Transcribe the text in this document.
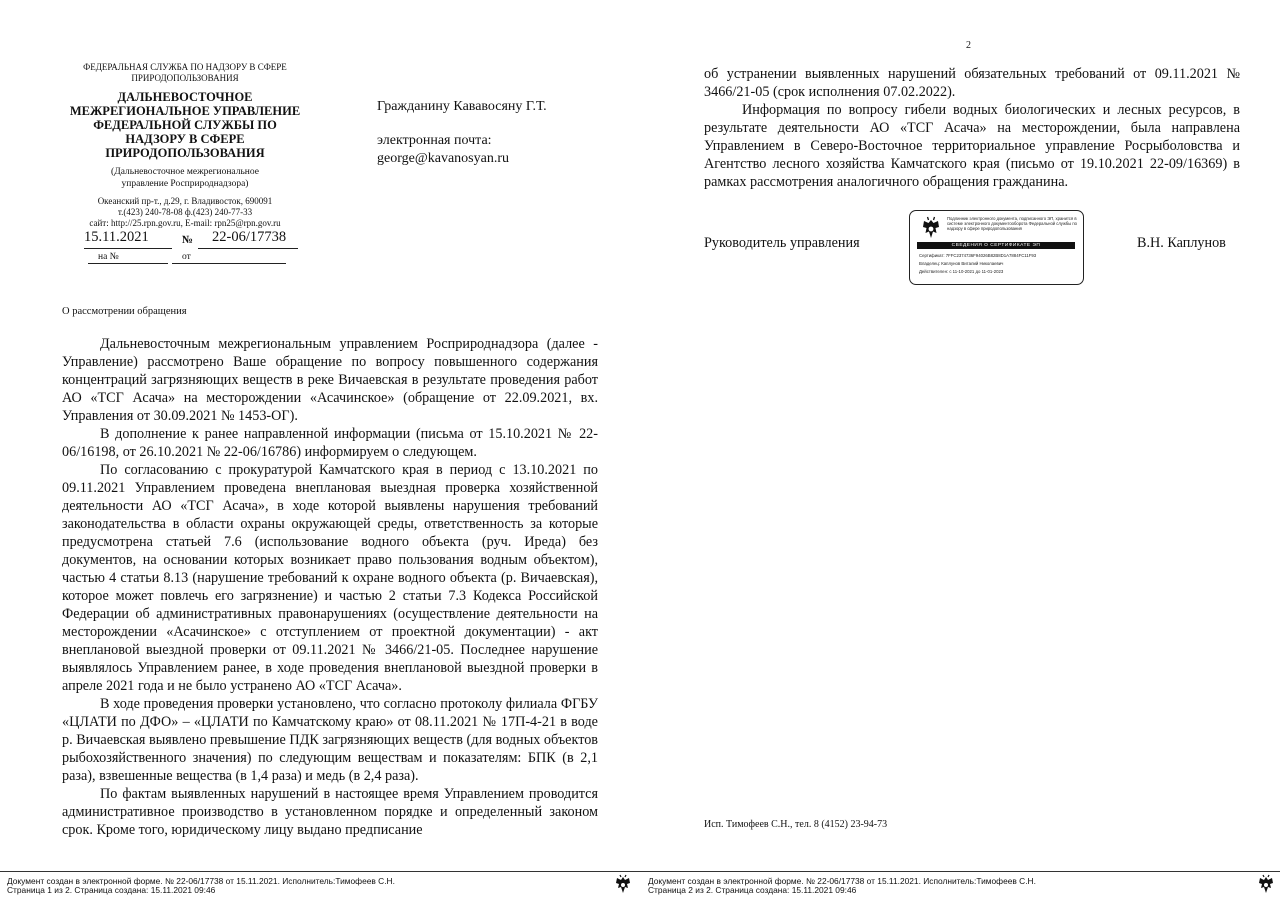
ФЕДЕРАЛЬНАЯ СЛУЖБА ПО НАДЗОРУ В СФЕРЕ
ПРИРОДОПОЛЬЗОВАНИЯ
ДАЛЬНЕВОСТОЧНОЕ
МЕЖРЕГИОНАЛЬНОЕ УПРАВЛЕНИЕ
ФЕДЕРАЛЬНОЙ СЛУЖБЫ ПО
НАДЗОРУ В СФЕРЕ
ПРИРОДОПОЛЬЗОВАНИЯ
(Дальневосточное межрегиональное
управление Росприроднадзора)
Океанский пр-т., д.29, г. Владивосток, 690091
т.(423) 240-78-08 ф.(423) 240-77-33
сайт: http://25.rpn.gov.ru, E-mail: rpn25@rpn.gov.ru
15.11.2021	№ 22-06/17738
на №	от
Гражданину Кававосяну Г.Т.
электронная почта:
george@kavanosyan.ru
О рассмотрении обращения

Дальневосточным межрегиональным управлением Росприроднадзора (далее - Управление) рассмотрено Ваше обращение по вопросу повышенного содержания концентраций загрязняющих веществ в реке Вичаевская в результате проведения работ АО «ТСГ Асача» на месторождении «Асачинское» (обращение от 22.09.2021, вх. Управления от 30.09.2021 № 1453-ОГ).

В дополнение к ранее направленной информации (письма от 15.10.2021 № 22-06/16198, от 26.10.2021 № 22-06/16786) информируем о следующем.

По согласованию с прокуратурой Камчатского края в период с 13.10.2021 по 09.11.2021 Управлением проведена внеплановая выездная проверка хозяйственной деятельности АО «ТСГ Асача», в ходе которой выявлены нарушения требований законодательства в области охраны окружающей среды, ответственность за которые предусмотрена статьей 7.6 (использование водного объекта (руч. Иреда) без документов, на основании которых возникает право пользования водным объектом), частью 4 статьи 8.13 (нарушение требований к охране водного объекта (р. Вичаевская), которое может повлечь его загрязнение) и частью 2 статьи 7.3 Кодекса Российской Федерации об административных правонарушениях (осуществление деятельности на месторождении «Асачинское» с отступлением от проектной документации) - акт внеплановой выездной проверки от 09.11.2021 № 3466/21-05. Последнее нарушение выявлялось Управлением ранее, в ходе проведения внеплановой выездной проверки в апреле 2021 года и не было устранено АО «ТСГ Асача».

В ходе проведения проверки установлено, что согласно протоколу филиала ФГБУ «ЦЛАТИ по ДФО» – «ЦЛАТИ по Камчатскому краю» от 08.11.2021 № 17П-4-21 в воде р. Вичаевская выявлено превышение ПДК загрязняющих веществ (для водных объектов рыбохозяйственного значения) по следующим веществам и показателям: БПК (в 2,1 раза), взвешенные вещества (в 1,4 раза) и медь (в 2,4 раза).

По фактам выявленных нарушений в настоящее время Управлением проводится административное производство в установленном порядке и определенный законом срок. Кроме того, юридическому лицу выдано предписание

Документ создан в электронной форме. № 22-06/17738 от 15.11.2021. Исполнитель:Тимофеев С.Н.
Страница 1 из 2. Страница создана: 15.11.2021 09:46
Документ создан в электронной форме. № 22-06/17738 от 15.11.2021. Исполнитель:Тимофеев С.Н.
Страница 2 из 2. Страница создана: 15.11.2021 09:46
2

об устранении выявленных нарушений обязательных требований от 09.11.2021 № 3466/21-05 (срок исполнения 07.02.2022).

Информация по вопросу гибели водных биологических и лесных ресурсов, в результате деятельности АО «ТСГ Асача» на месторождении, была направлена Управлением в Северо-Восточное территориальное управление Росрыболовства и Агентство лесного хозяйства Камчатского края (письмо от 19.10.2021 22-09/16369) в рамках рассмотрения аналогичного обращения гражданина.

Руководитель управления	В.Н. Каплунов
Подлинник электронного документа, подписанного ЭП, хранится в системе электронного документооборота Федеральной службы по надзору в сфере природопользования
СВЕДЕНИЯ О СЕРТИФИКАТЕ ЭП
Сертификат: 7FFC2374736F94026B82B8D1A7884FC11F93
Владелец: Каплунов Виталий Николаевич
Действителен: с 11-10-2021 до 11-01-2023
Исп. Тимофеев С.Н., тел. 8 (4152) 23-94-73
